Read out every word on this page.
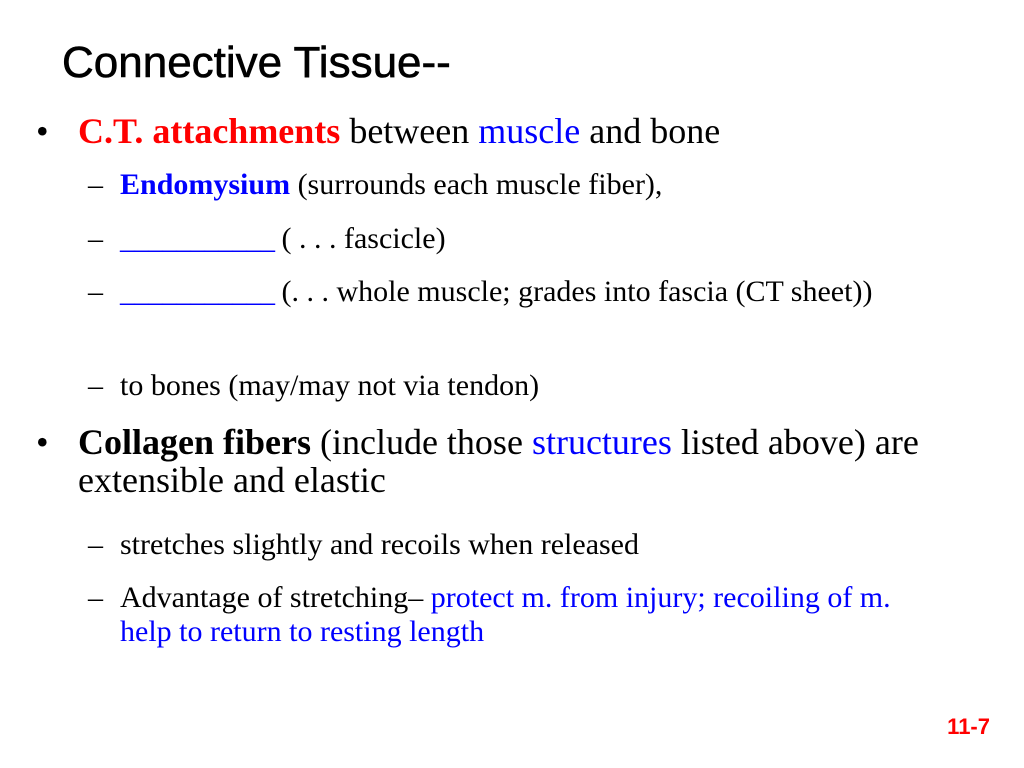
Connective Tissue--
• C.T. attachments between muscle and bone
– Endomysium (surrounds each muscle fiber),
– ___________ ( . . . fascicle)
– ___________ (. . . whole muscle; grades into fascia (CT sheet))
– to bones (may/may not via tendon)
• Collagen fibers (include those structures listed above) are extensible and elastic
– stretches slightly and recoils when released
– Advantage of stretching– protect m. from injury; recoiling of m. help to return to resting length
11-7
